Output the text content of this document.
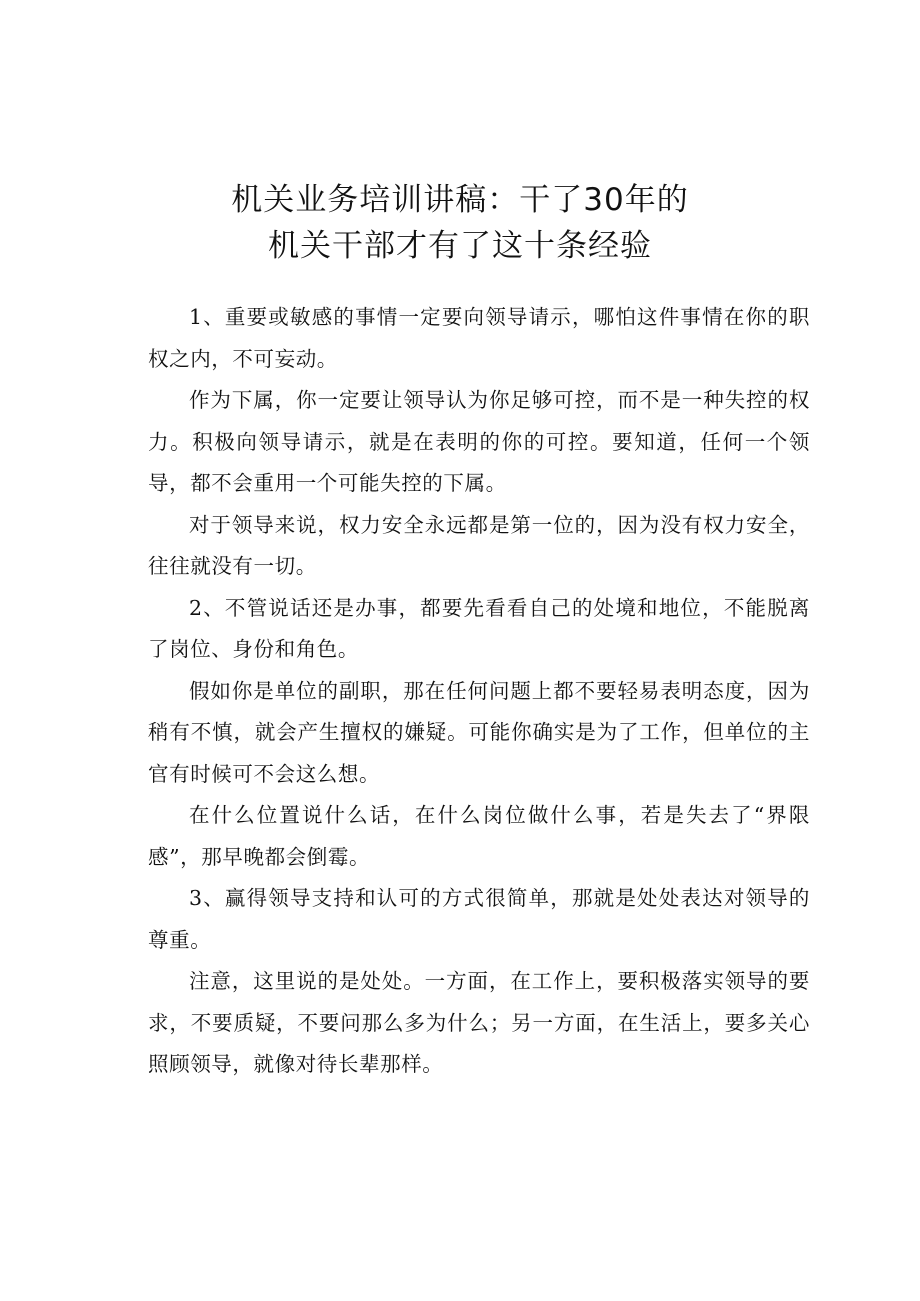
机关业务培训讲稿：干了30年的
机关干部才有了这十条经验

1、重要或敏感的事情一定要向领导请示，哪怕这件事情在你的职权之内，不可妄动。

作为下属，你一定要让领导认为你足够可控，而不是一种失控的权力。积极向领导请示，就是在表明的你的可控。要知道，任何一个领导，都不会重用一个可能失控的下属。

对于领导来说，权力安全永远都是第一位的，因为没有权力安全，往往就没有一切。

2、不管说话还是办事，都要先看看自己的处境和地位，不能脱离了岗位、身份和角色。

假如你是单位的副职，那在任何问题上都不要轻易表明态度，因为稍有不慎，就会产生擅权的嫌疑。可能你确实是为了工作，但单位的主官有时候可不会这么想。

在什么位置说什么话，在什么岗位做什么事，若是失去了“界限感”，那早晚都会倒霉。

3、赢得领导支持和认可的方式很简单，那就是处处表达对领导的尊重。

注意，这里说的是处处。一方面，在工作上，要积极落实领导的要求，不要质疑，不要问那么多为什么；另一方面，在生活上，要多关心照顾领导，就像对待长辈那样。
